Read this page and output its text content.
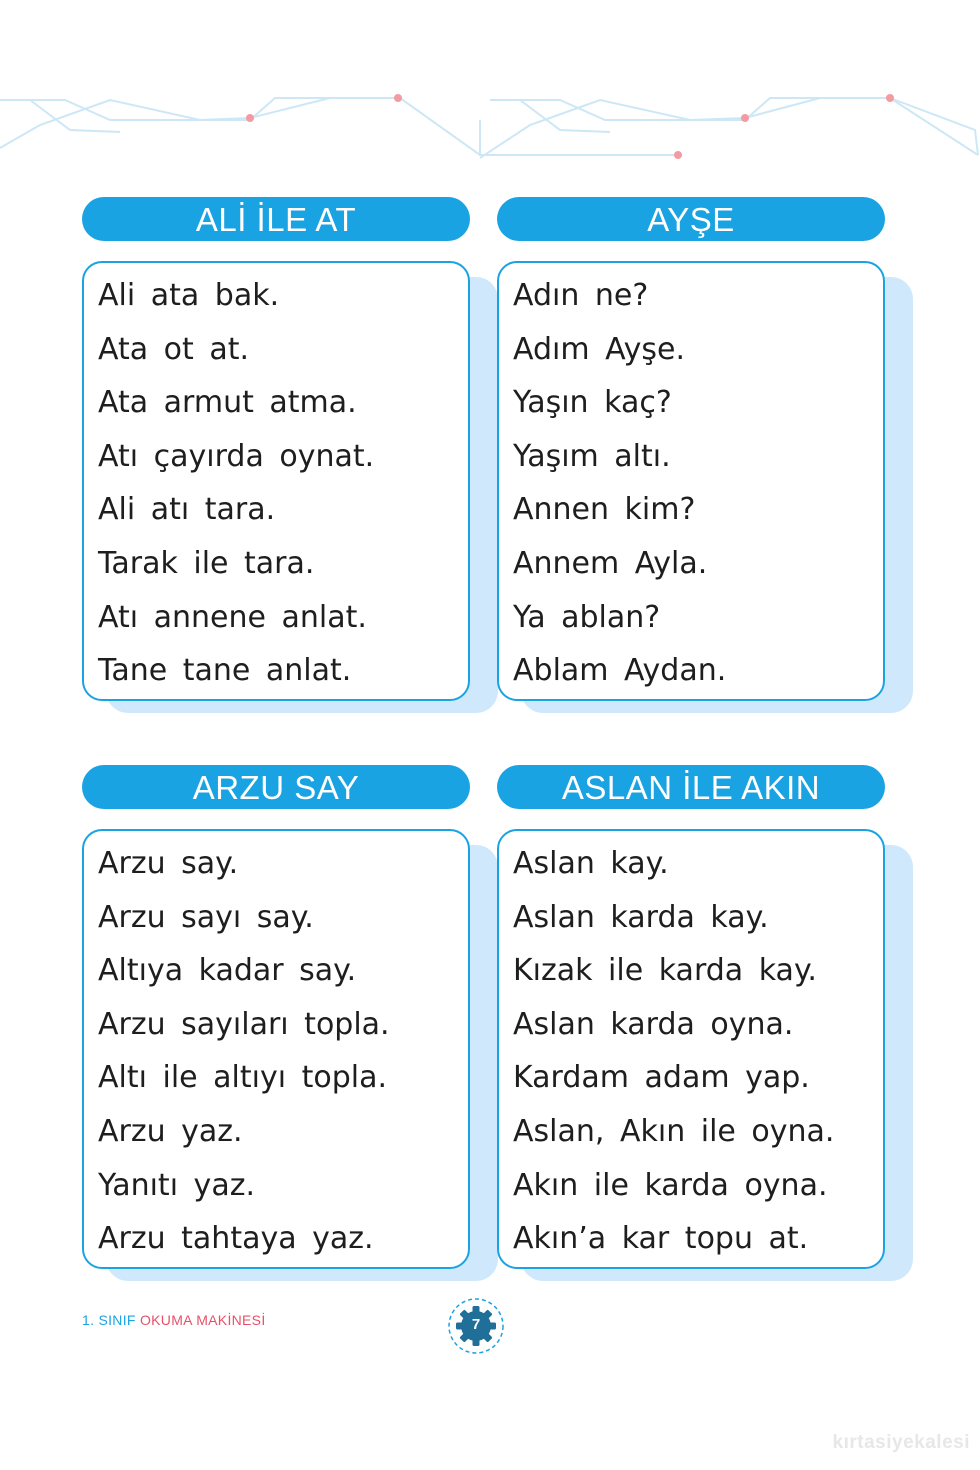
ALİ İLE AT
Ali ata bak.
Ata ot at.
Ata armut atma.
Atı çayırda oynat.
Ali atı tara.
Tarak ile tara.
Atı annene anlat.
Tane tane anlat.
AYŞE
Adın ne?
Adım Ayşe.
Yaşın kaç?
Yaşım altı.
Annen kim?
Annem Ayla.
Ya ablan?
Ablam Aydan.
ARZU SAY
Arzu say.
Arzu sayı say.
Altıya kadar say.
Arzu sayıları topla.
Altı ile altıyı topla.
Arzu yaz.
Yanıtı yaz.
Arzu tahtaya yaz.
ASLAN İLE AKIN
Aslan kay.
Aslan karda kay.
Kızak ile karda kay.
Aslan karda oyna.
Kardam adam yap.
Aslan, Akın ile oyna.
Akın ile karda oyna.
Akın’a kar topu at.
1. SINIF OKUMA MAKİNESİ	7
kırtasiyekalesi
